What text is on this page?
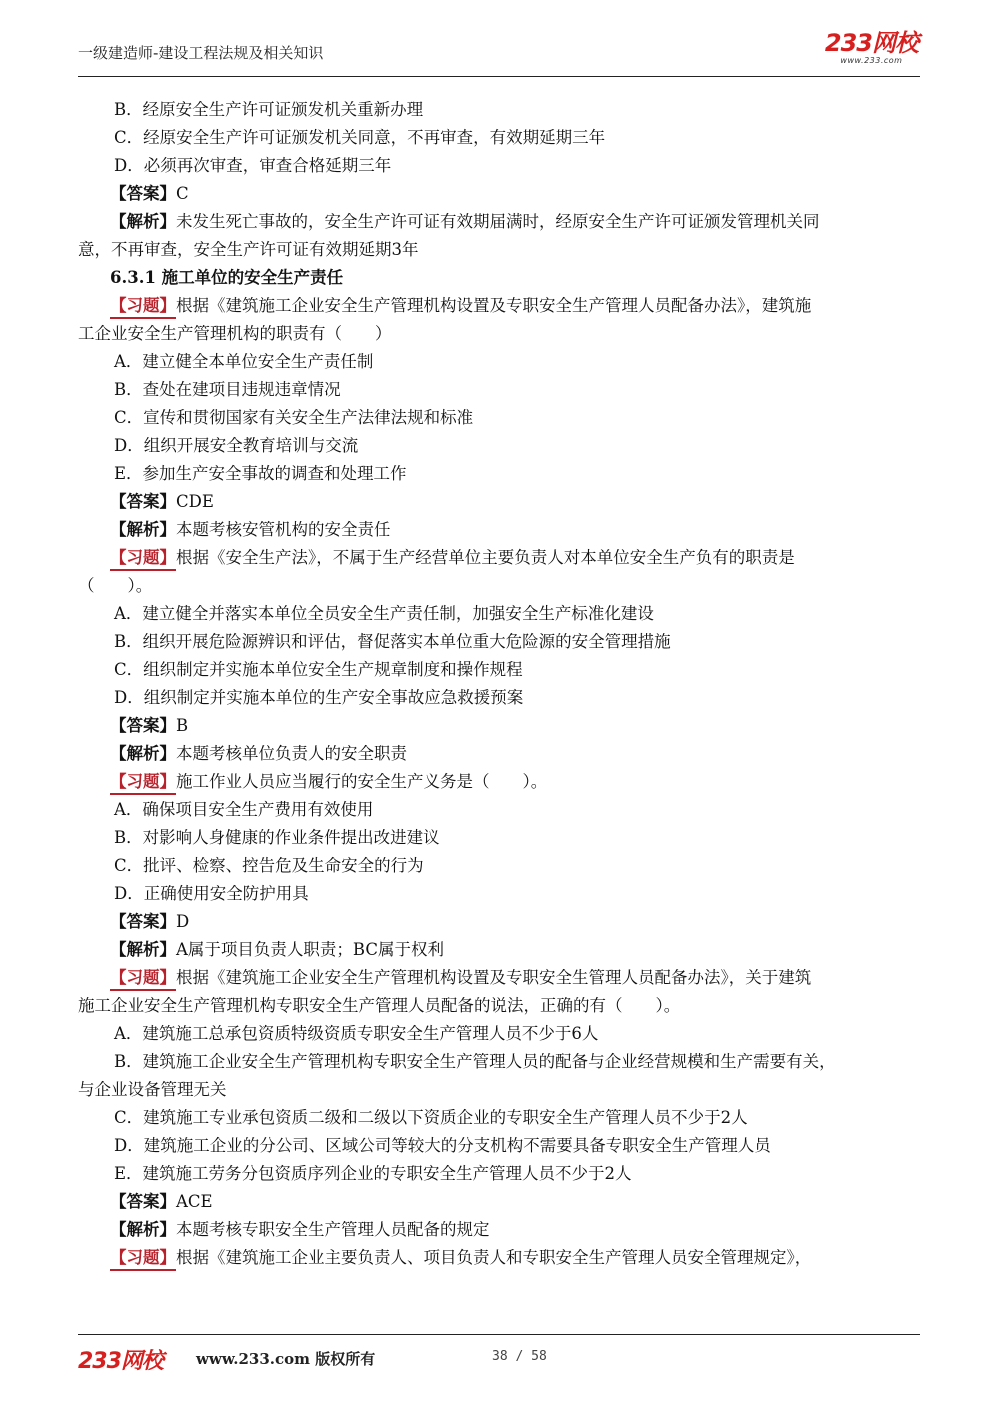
一级建造师-建设工程法规及相关知识	233网校
www.233.com
B．经原安全生产许可证颁发机关重新办理
C．经原安全生产许可证颁发机关同意，不再审查，有效期延期三年
D．必须再次审查，审查合格延期三年
【答案】C
【解析】未发生死亡事故的，安全生产许可证有效期届满时，经原安全生产许可证颁发管理机关同
意，不再审查，安全生产许可证有效期延期3年
6.3.1 施工单位的安全生产责任
【习题】根据《建筑施工企业安全生产管理机构设置及专职安全生产管理人员配备办法》，建筑施
工企业安全生产管理机构的职责有（　　）
A．建立健全本单位安全生产责任制
B．查处在建项目违规违章情况
C．宣传和贯彻国家有关安全生产法律法规和标准
D．组织开展安全教育培训与交流
E．参加生产安全事故的调查和处理工作
【答案】CDE
【解析】本题考核安管机构的安全责任
【习题】根据《安全生产法》，不属于生产经营单位主要负责人对本单位安全生产负有的职责是
（　　）。
A．建立健全并落实本单位全员安全生产责任制，加强安全生产标准化建设
B．组织开展危险源辨识和评估，督促落实本单位重大危险源的安全管理措施
C．组织制定并实施本单位安全生产规章制度和操作规程
D．组织制定并实施本单位的生产安全事故应急救援预案
【答案】B
【解析】本题考核单位负责人的安全职责
【习题】施工作业人员应当履行的安全生产义务是（　　）。
A．确保项目安全生产费用有效使用
B．对影响人身健康的作业条件提出改进建议
C．批评、检察、控告危及生命安全的行为
D．正确使用安全防护用具
【答案】D
【解析】A属于项目负责人职责；BC属于权利
【习题】根据《建筑施工企业安全生产管理机构设置及专职安全生管理人员配备办法》，关于建筑
施工企业安全生产管理机构专职安全生产管理人员配备的说法，正确的有（　　）。
A．建筑施工总承包资质特级资质专职安全生产管理人员不少于6人
B．建筑施工企业安全生产管理机构专职安全生产管理人员的配备与企业经营规模和生产需要有关，
与企业设备管理无关
C．建筑施工专业承包资质二级和二级以下资质企业的专职安全生产管理人员不少于2人
D．建筑施工企业的分公司、区域公司等较大的分支机构不需要具备专职安全生产管理人员
E．建筑施工劳务分包资质序列企业的专职安全生产管理人员不少于2人
【答案】ACE
【解析】本题考核专职安全生产管理人员配备的规定
【习题】根据《建筑施工企业主要负责人、项目负责人和专职安全生产管理人员安全管理规定》，
233网校 www.233.com 版权所有	38 / 58
